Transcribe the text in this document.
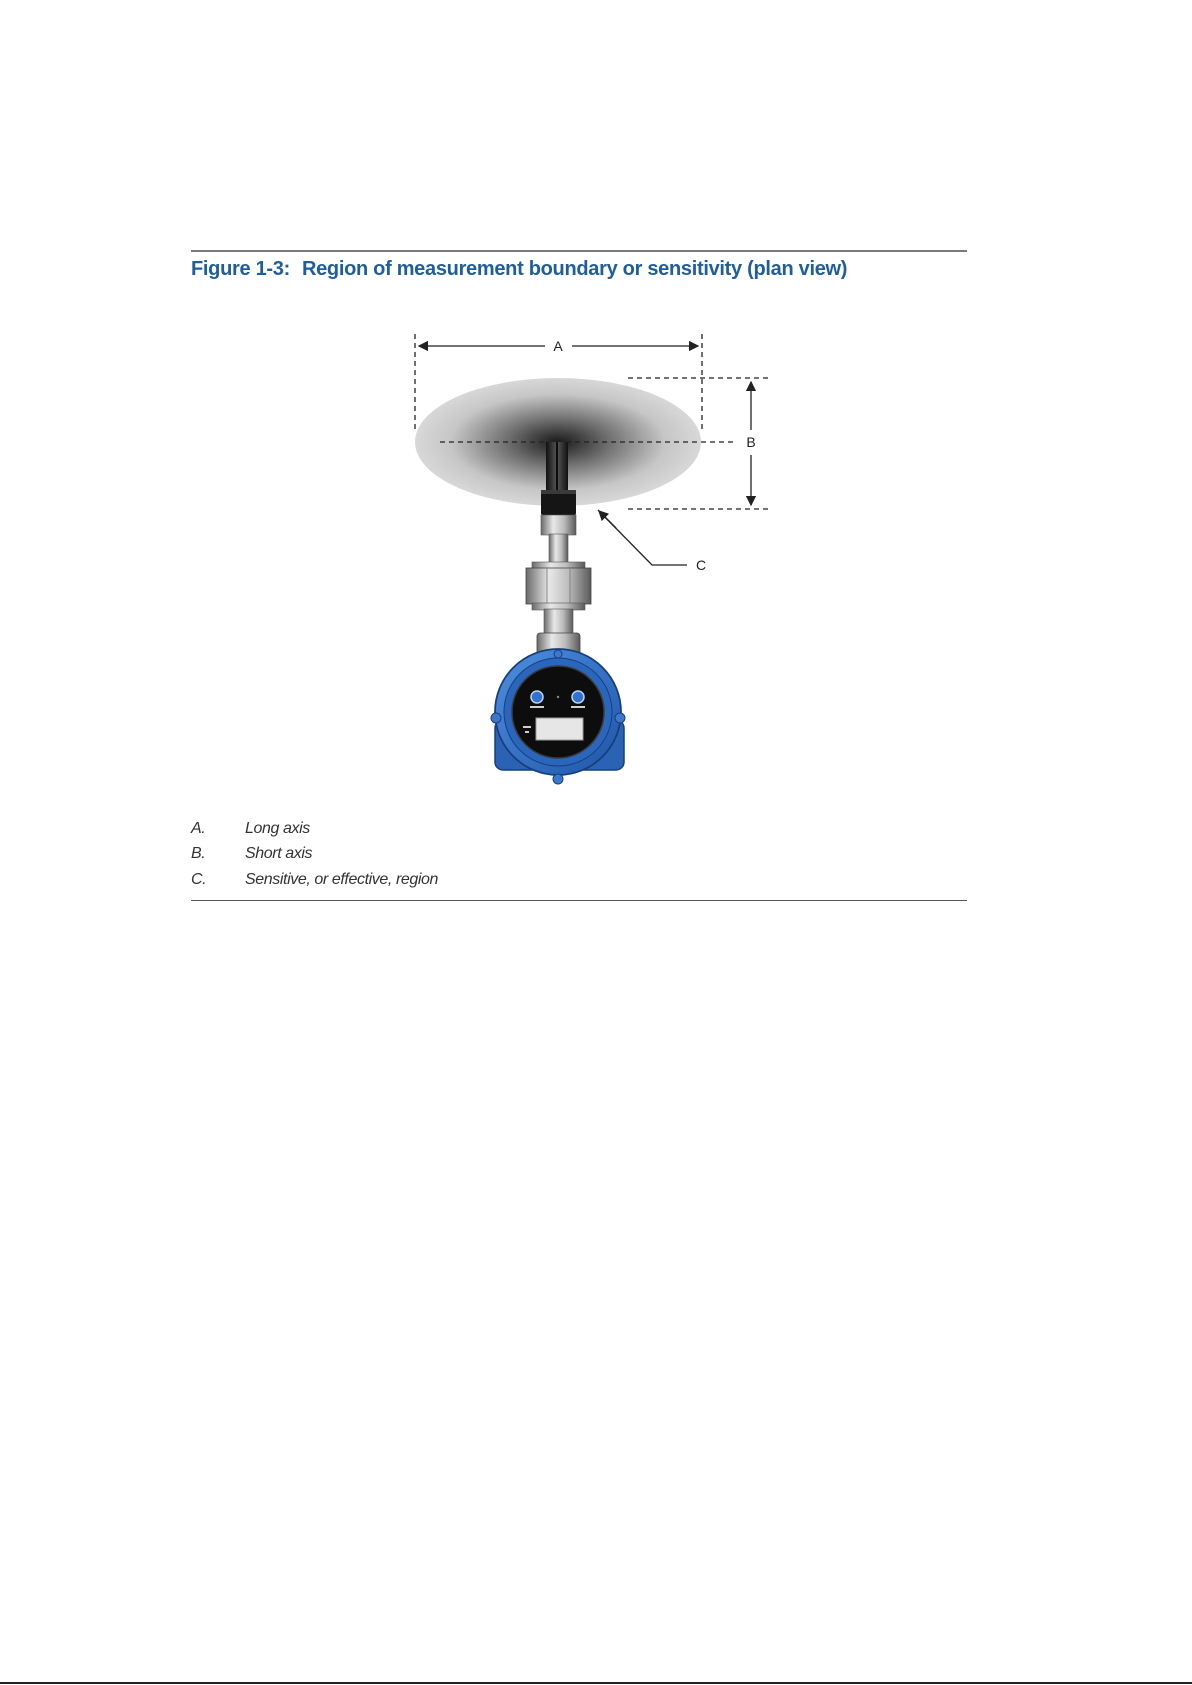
Figure 1-3: Region of measurement boundary or sensitivity (plan view)
A
B
C
A.	Long axis
B.	Short axis
C.	Sensitive, or effective, region
